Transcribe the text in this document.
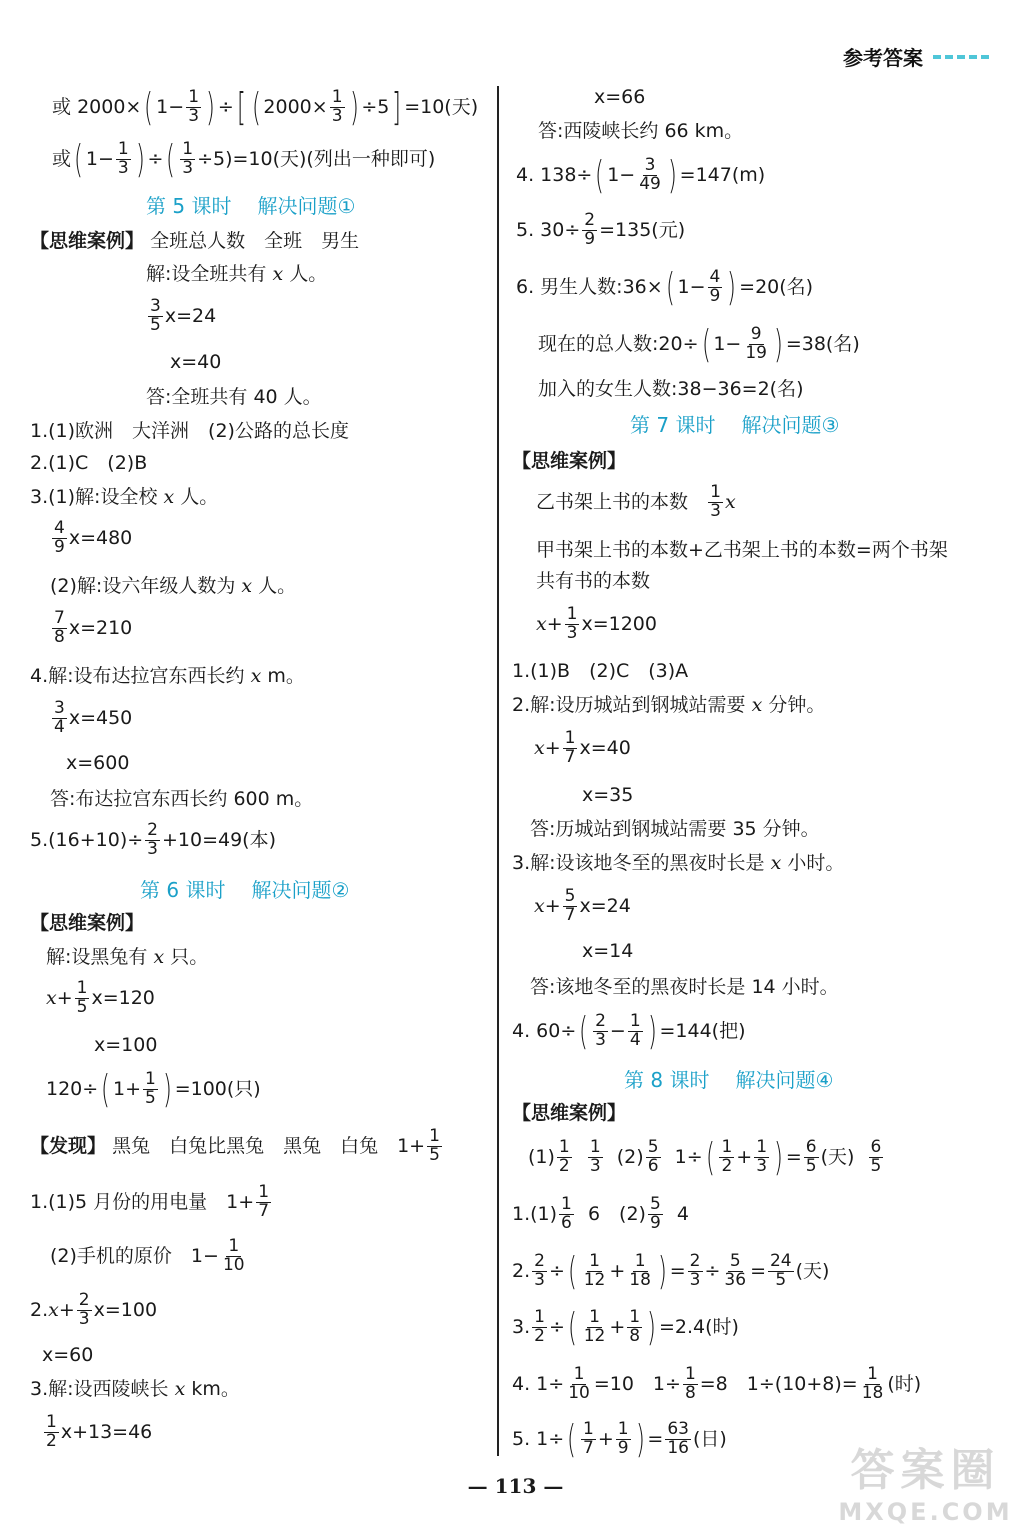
参考答案
或
2000 × ( $1 - \frac{1}{3}$ ) ÷ [ ( $2000 \times \frac{1}{3}$ ) ÷ 5 ] = 10(天)
或 ( $1 - \frac{1}{3}$ ) ÷ ( $\frac{1}{3} \div 5)=10$(天)(列出一种即可)
第 5 课时 解决问题①
【思维案例】
全班总人数　全班　男生
解:设全班共有
x
人。
$\frac{3}{5} x=24$
x=40
答:全班共有 40 人。
1.(1)欧洲　大洋洲　(2)公路的总长度
2.(1)C　(2)B
3.(1)解:设全校
x
人。
$\frac{4}{9} x=480$
(2)解:设六年级人数为
x
人。
$\frac{7}{8} x=210$
4.解:设布达拉宫东西长约
x
m。
$\frac{3}{4} x=450$
x=600
答:布达拉宫东西长约 600 m。
$5.(16+10)\div \frac{2}{3} +10=49$(本)
第 6 课时 解决问题②
【思维案例】
解:设黑兔有
x
只。
$x + \frac{1}{5} x=120$
x=100
120÷ ( $1 + \frac{1}{5}$ ) =100(只)
【发现】
黑兔　白兔比黑兔　黑兔　白兔　$1+ \frac{1}{5}$
1.(1)5 月份的用电量　$1+ \frac{1}{7}$
(2)手机的原价　$1- \frac{1}{10}$
2. $x + \frac{2}{3} x=100$
x=60
3.解:设西陵峡长
x
km。
$\frac{1}{2} x+13=46$
x=66
答:西陵峡长约 66 km。
4. 138÷ ( $1 - \frac{3}{49}$ ) =147(m)
5. $30\div \frac{2}{9} =135$(元)
6. 男生人数:36× ( $1 - \frac{4}{9}$ ) =20(名)
现在的总人数:20÷ ( $1 - \frac{9}{19}$ ) =38(名)
加入的女生人数:38−36=2(名)
第 7 课时 解决问题③
【思维案例】
乙书架上书的本数
$\frac{1}{3}$ x
甲书架上书的本数+乙书架上书的本数=两个书架
共有书的本数
$x + \frac{1}{3} x=1200$
1.(1)B　(2)C　(3)A
2.解:设历城站到钢城站需要
x
分钟。
$x + \frac{1}{7} x=40$
x=35
答:历城站到钢城站需要 35 分钟。
3.解:设该地冬至的黑夜时长是
x
小时。
$x + \frac{5}{7} x=24$
x=14
答:该地冬至的黑夜时长是 14 小时。
4. 60÷ ( $\frac{2}{3} - \frac{1}{4}$ ) =144(把)
第 8 课时 解决问题④
【思维案例】
$(1) \frac{1}{2}$
$\frac{1}{3}$
$(2) \frac{5}{6}$
1 ÷ ( $\frac{1}{2} + \frac{1}{3}$ ) = $\frac{6}{5}$ (天)
$\frac{6}{5}$
$1.(1) \frac{1}{6}$
6　$(2) \frac{5}{9}$
4
2. $\frac{2}{3}$ ÷ ( $\frac{1}{12} + \frac{1}{18}$ ) = $\frac{2}{3} \div \frac{5}{36} = \frac{24}{5}$ (天)
3. $\frac{1}{2}$ ÷ ( $\frac{1}{12} + \frac{1}{8}$ ) =2.4(时)
4. $1\div \frac{1}{10} =10$　$1\div \frac{1}{8} =8$　$1\div(10+8)= \frac{1}{18}$ (时)
5. 1÷ ( $\frac{1}{7} + \frac{1}{9}$ ) = $\frac{63}{16}$ (日)
— 113 —	答案圈
MXQE.COM
